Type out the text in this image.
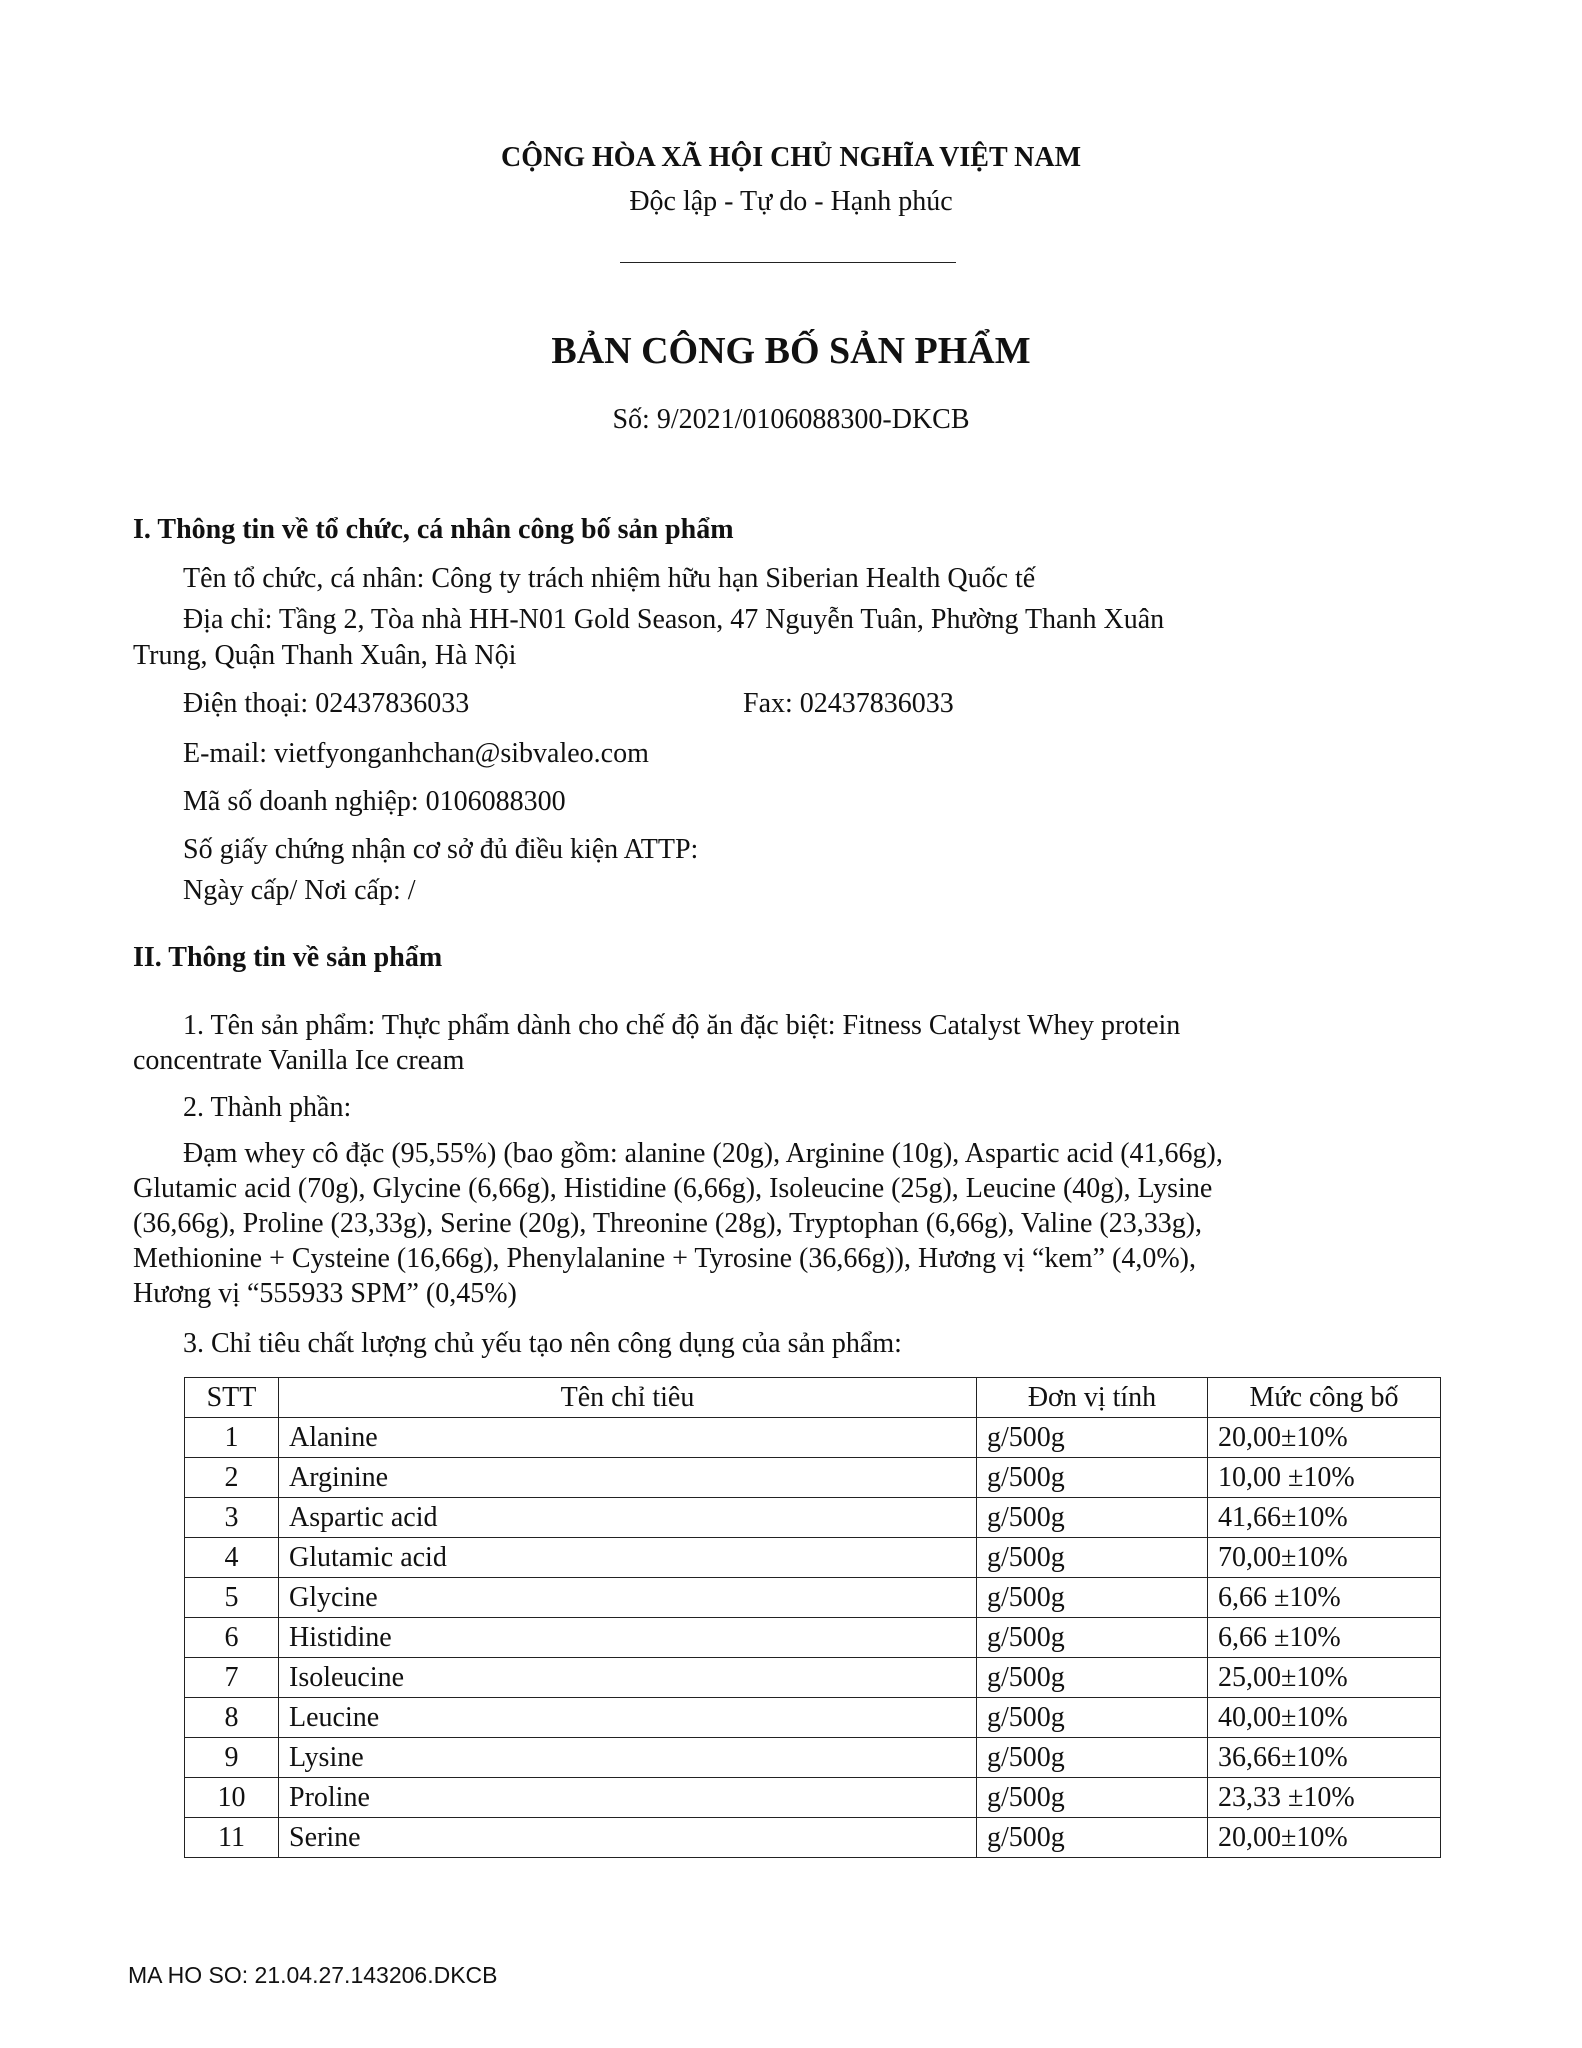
CỘNG HÒA XÃ HỘI CHỦ NGHĨA VIỆT NAM
Độc lập - Tự do - Hạnh phúc
BẢN CÔNG BỐ SẢN PHẨM
Số: 9/2021/0106088300-DKCB
I. Thông tin về tổ chức, cá nhân công bố sản phẩm
Tên tổ chức, cá nhân: Công ty trách nhiệm hữu hạn Siberian Health Quốc tế
Địa chỉ: Tầng 2, Tòa nhà HH-N01 Gold Season, 47 Nguyễn Tuân, Phường Thanh Xuân
Trung, Quận Thanh Xuân, Hà Nội
Điện thoại: 02437836033	Fax: 02437836033
E-mail: vietfyonganhchan@sibvaleo.com
Mã số doanh nghiệp: 0106088300
Số giấy chứng nhận cơ sở đủ điều kiện ATTP:
Ngày cấp/ Nơi cấp: /
II. Thông tin về sản phẩm
1. Tên sản phẩm: Thực phẩm dành cho chế độ ăn đặc biệt: Fitness Catalyst Whey protein
concentrate Vanilla Ice cream
2. Thành phần:
Đạm whey cô đặc (95,55%) (bao gồm: alanine (20g), Arginine (10g), Aspartic acid (41,66g),
Glutamic acid (70g), Glycine (6,66g), Histidine (6,66g), Isoleucine (25g), Leucine (40g), Lysine
(36,66g), Proline (23,33g), Serine (20g), Threonine (28g), Tryptophan (6,66g), Valine (23,33g),
Methionine + Cysteine (16,66g), Phenylalanine + Tyrosine (36,66g)), Hương vị “kem” (4,0%),
Hương vị “555933 SPM” (0,45%)
3. Chỉ tiêu chất lượng chủ yếu tạo nên công dụng của sản phẩm:
STT	Tên chỉ tiêu	Đơn vị tính	Mức công bố
1	Alanine	g/500g	20,00±10%
2	Arginine	g/500g	10,00 ±10%
3	Aspartic acid	g/500g	41,66±10%
4	Glutamic acid	g/500g	70,00±10%
5	Glycine	g/500g	6,66 ±10%
6	Histidine	g/500g	6,66 ±10%
7	Isoleucine	g/500g	25,00±10%
8	Leucine	g/500g	40,00±10%
9	Lysine	g/500g	36,66±10%
10	Proline	g/500g	23,33 ±10%
11	Serine	g/500g	20,00±10%
MA HO SO: 21.04.27.143206.DKCB
